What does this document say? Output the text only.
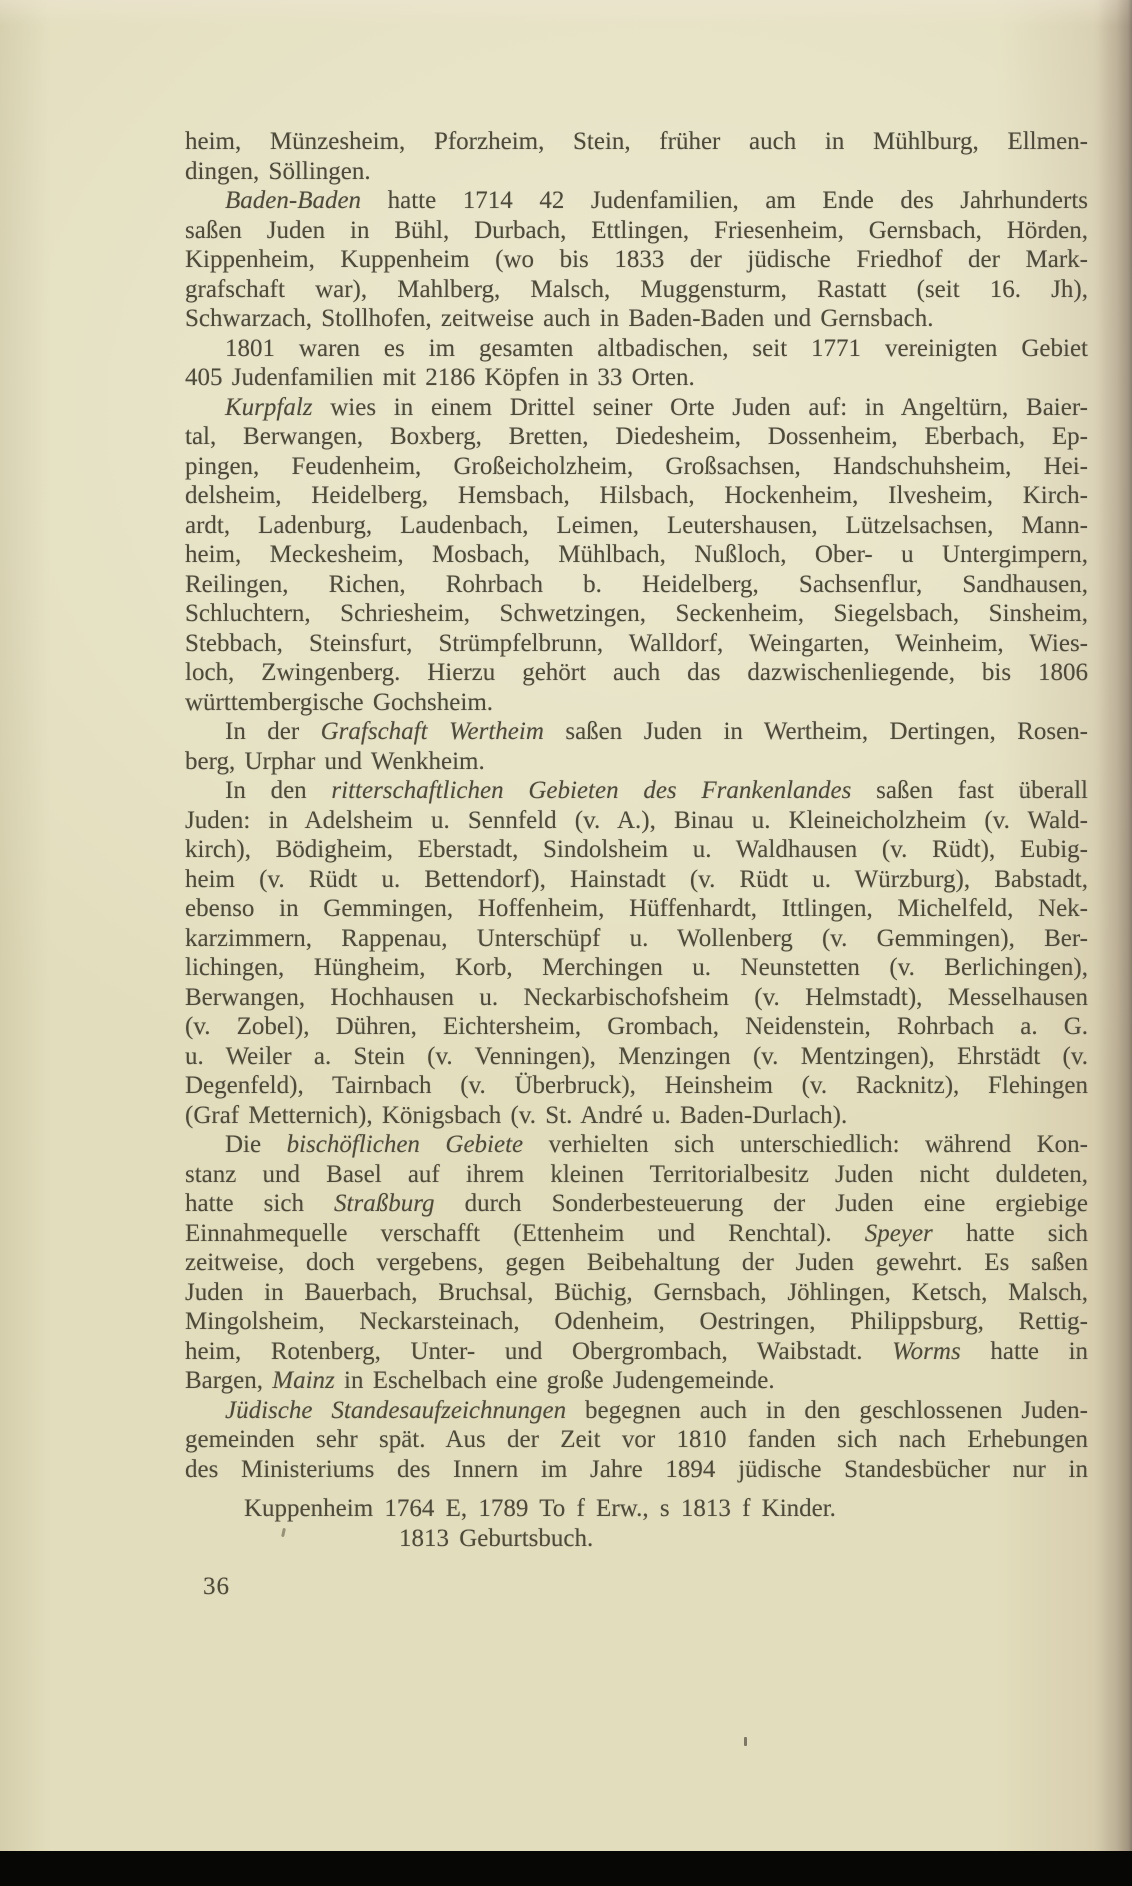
heim, Münzesheim, Pforzheim, Stein, früher auch in Mühlburg, Ellmen-
dingen, Söllingen.
Baden-Baden hatte 1714 42 Judenfamilien, am Ende des Jahrhunderts
saßen Juden in Bühl, Durbach, Ettlingen, Friesenheim, Gernsbach, Hörden,
Kippenheim, Kuppenheim (wo bis 1833 der jüdische Friedhof der Mark-
grafschaft war), Mahlberg, Malsch, Muggensturm, Rastatt (seit 16. Jh),
Schwarzach, Stollhofen, zeitweise auch in Baden-Baden und Gernsbach.
1801 waren es im gesamten altbadischen, seit 1771 vereinigten Gebiet
405 Judenfamilien mit 2186 Köpfen in 33 Orten.
Kurpfalz wies in einem Drittel seiner Orte Juden auf: in Angeltürn, Baier-
tal, Berwangen, Boxberg, Bretten, Diedesheim, Dossenheim, Eberbach, Ep-
pingen, Feudenheim, Großeicholzheim, Großsachsen, Handschuhsheim, Hei-
delsheim, Heidelberg, Hemsbach, Hilsbach, Hockenheim, Ilvesheim, Kirch-
ardt, Ladenburg, Laudenbach, Leimen, Leutershausen, Lützelsachsen, Mann-
heim, Meckesheim, Mosbach, Mühlbach, Nußloch, Ober- u Untergimpern,
Reilingen, Richen, Rohrbach b. Heidelberg, Sachsenflur, Sandhausen,
Schluchtern, Schriesheim, Schwetzingen, Seckenheim, Siegelsbach, Sinsheim,
Stebbach, Steinsfurt, Strümpfelbrunn, Walldorf, Weingarten, Weinheim, Wies-
loch, Zwingenberg. Hierzu gehört auch das dazwischenliegende, bis 1806
württembergische Gochsheim.
In der Grafschaft Wertheim saßen Juden in Wertheim, Dertingen, Rosen-
berg, Urphar und Wenkheim.
In den ritterschaftlichen Gebieten des Frankenlandes saßen fast überall
Juden: in Adelsheim u. Sennfeld (v. A.), Binau u. Kleineicholzheim (v. Wald-
kirch), Bödigheim, Eberstadt, Sindolsheim u. Waldhausen (v. Rüdt), Eubig-
heim (v. Rüdt u. Bettendorf), Hainstadt (v. Rüdt u. Würzburg), Babstadt,
ebenso in Gemmingen, Hoffenheim, Hüffenhardt, Ittlingen, Michelfeld, Nek-
karzimmern, Rappenau, Unterschüpf u. Wollenberg (v. Gemmingen), Ber-
lichingen, Hüngheim, Korb, Merchingen u. Neunstetten (v. Berlichingen),
Berwangen, Hochhausen u. Neckarbischofsheim (v. Helmstadt), Messelhausen
(v. Zobel), Dühren, Eichtersheim, Grombach, Neidenstein, Rohrbach a. G.
u. Weiler a. Stein (v. Venningen), Menzingen (v. Mentzingen), Ehrstädt (v.
Degenfeld), Tairnbach (v. Überbruck), Heinsheim (v. Racknitz), Flehingen
(Graf Metternich), Königsbach (v. St. André u. Baden-Durlach).
Die bischöflichen Gebiete verhielten sich unterschiedlich: während Kon-
stanz und Basel auf ihrem kleinen Territorialbesitz Juden nicht duldeten,
hatte sich Straßburg durch Sonderbesteuerung der Juden eine ergiebige
Einnahmequelle verschafft (Ettenheim und Renchtal). Speyer hatte sich
zeitweise, doch vergebens, gegen Beibehaltung der Juden gewehrt. Es saßen
Juden in Bauerbach, Bruchsal, Büchig, Gernsbach, Jöhlingen, Ketsch, Malsch,
Mingolsheim, Neckarsteinach, Odenheim, Oestringen, Philippsburg, Rettig-
heim, Rotenberg, Unter- und Obergrombach, Waibstadt. Worms hatte in
Bargen, Mainz in Eschelbach eine große Judengemeinde.
Jüdische Standesaufzeichnungen begegnen auch in den geschlossenen Juden-
gemeinden sehr spät. Aus der Zeit vor 1810 fanden sich nach Erhebungen
des Ministeriums des Innern im Jahre 1894 jüdische Standesbücher nur in
Kuppenheim 1764 E, 1789 To f Erw., s 1813 f Kinder.
1813 Geburtsbuch.
36
